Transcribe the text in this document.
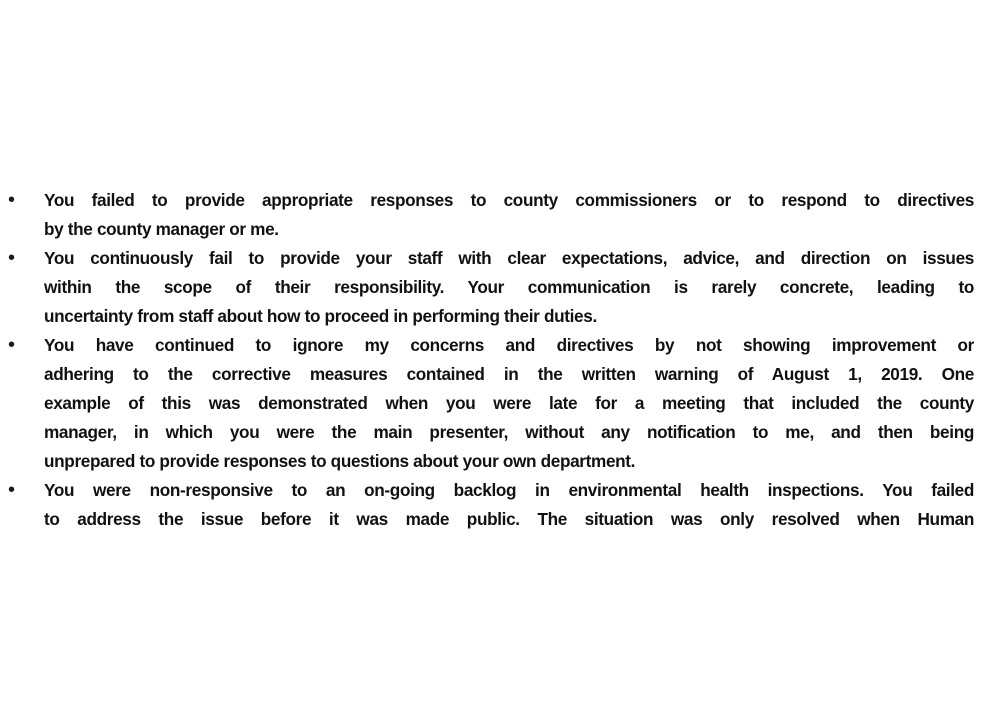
• You failed to provide appropriate responses to county commissioners or to respond to directives
by the county manager or me.
• You continuously fail to provide your staff with clear expectations, advice, and direction on issues
within the scope of their responsibility. Your communication is rarely concrete, leading to
uncertainty from staff about how to proceed in performing their duties.
• You have continued to ignore my concerns and directives by not showing improvement or
adhering to the corrective measures contained in the written warning of August 1, 2019. One
example of this was demonstrated when you were late for a meeting that included the county
manager, in which you were the main presenter, without any notification to me, and then being
unprepared to provide responses to questions about your own department.
• You were non-responsive to an on-going backlog in environmental health inspections. You failed
to address the issue before it was made public. The situation was only resolved when Human
